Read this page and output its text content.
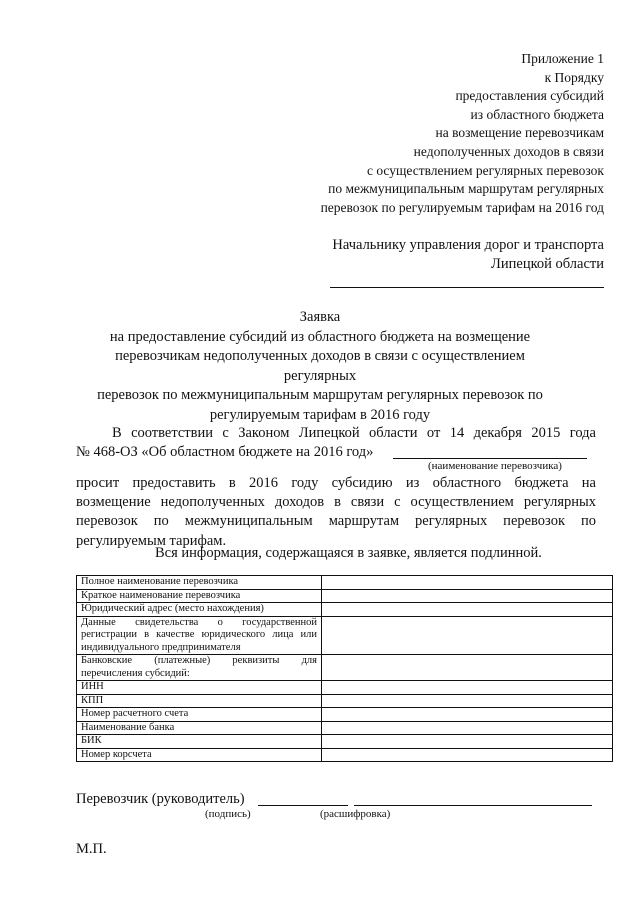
Приложение 1
к Порядку
предоставления субсидий
из областного бюджета
на возмещение перевозчикам
недополученных доходов в связи
с осуществлением регулярных перевозок
по межмуниципальным маршрутам регулярных
перевозок по регулируемым тарифам на 2016 год
Начальнику управления дорог и транспорта
Липецкой области
Заявка
на предоставление субсидий из областного бюджета на возмещение
перевозчикам недополученных доходов в связи с осуществлением регулярных
перевозок по межмуниципальным маршрутам регулярных перевозок по
регулируемым тарифам в 2016 году
В соответствии с Законом Липецкой области от 14 декабря 2015 года
№ 468-ОЗ «Об областном бюджете на 2016 год»
(наименование перевозчика)
просит предоставить в 2016 году субсидию из областного бюджета на
возмещение недополученных доходов в связи с осуществлением регулярных
перевозок по межмуниципальным маршрутам регулярных перевозок по
регулируемым тарифам.
Вся информация, содержащаяся в заявке, является подлинной.
Полное наименование перевозчика	
Краткое наименование перевозчика	
Юридический адрес (место нахождения)	
Данные свидетельства о государственной регистрации в качестве юридического лица или индивидуального предпринимателя	
Банковские (платежные) реквизиты для перечисления субсидий:	
ИНН	
КПП	
Номер расчетного счета	
Наименование банка	
БИК	
Номер корсчета	
Перевозчик (руководитель)
(подпись)	(расшифровка)
М.П.
